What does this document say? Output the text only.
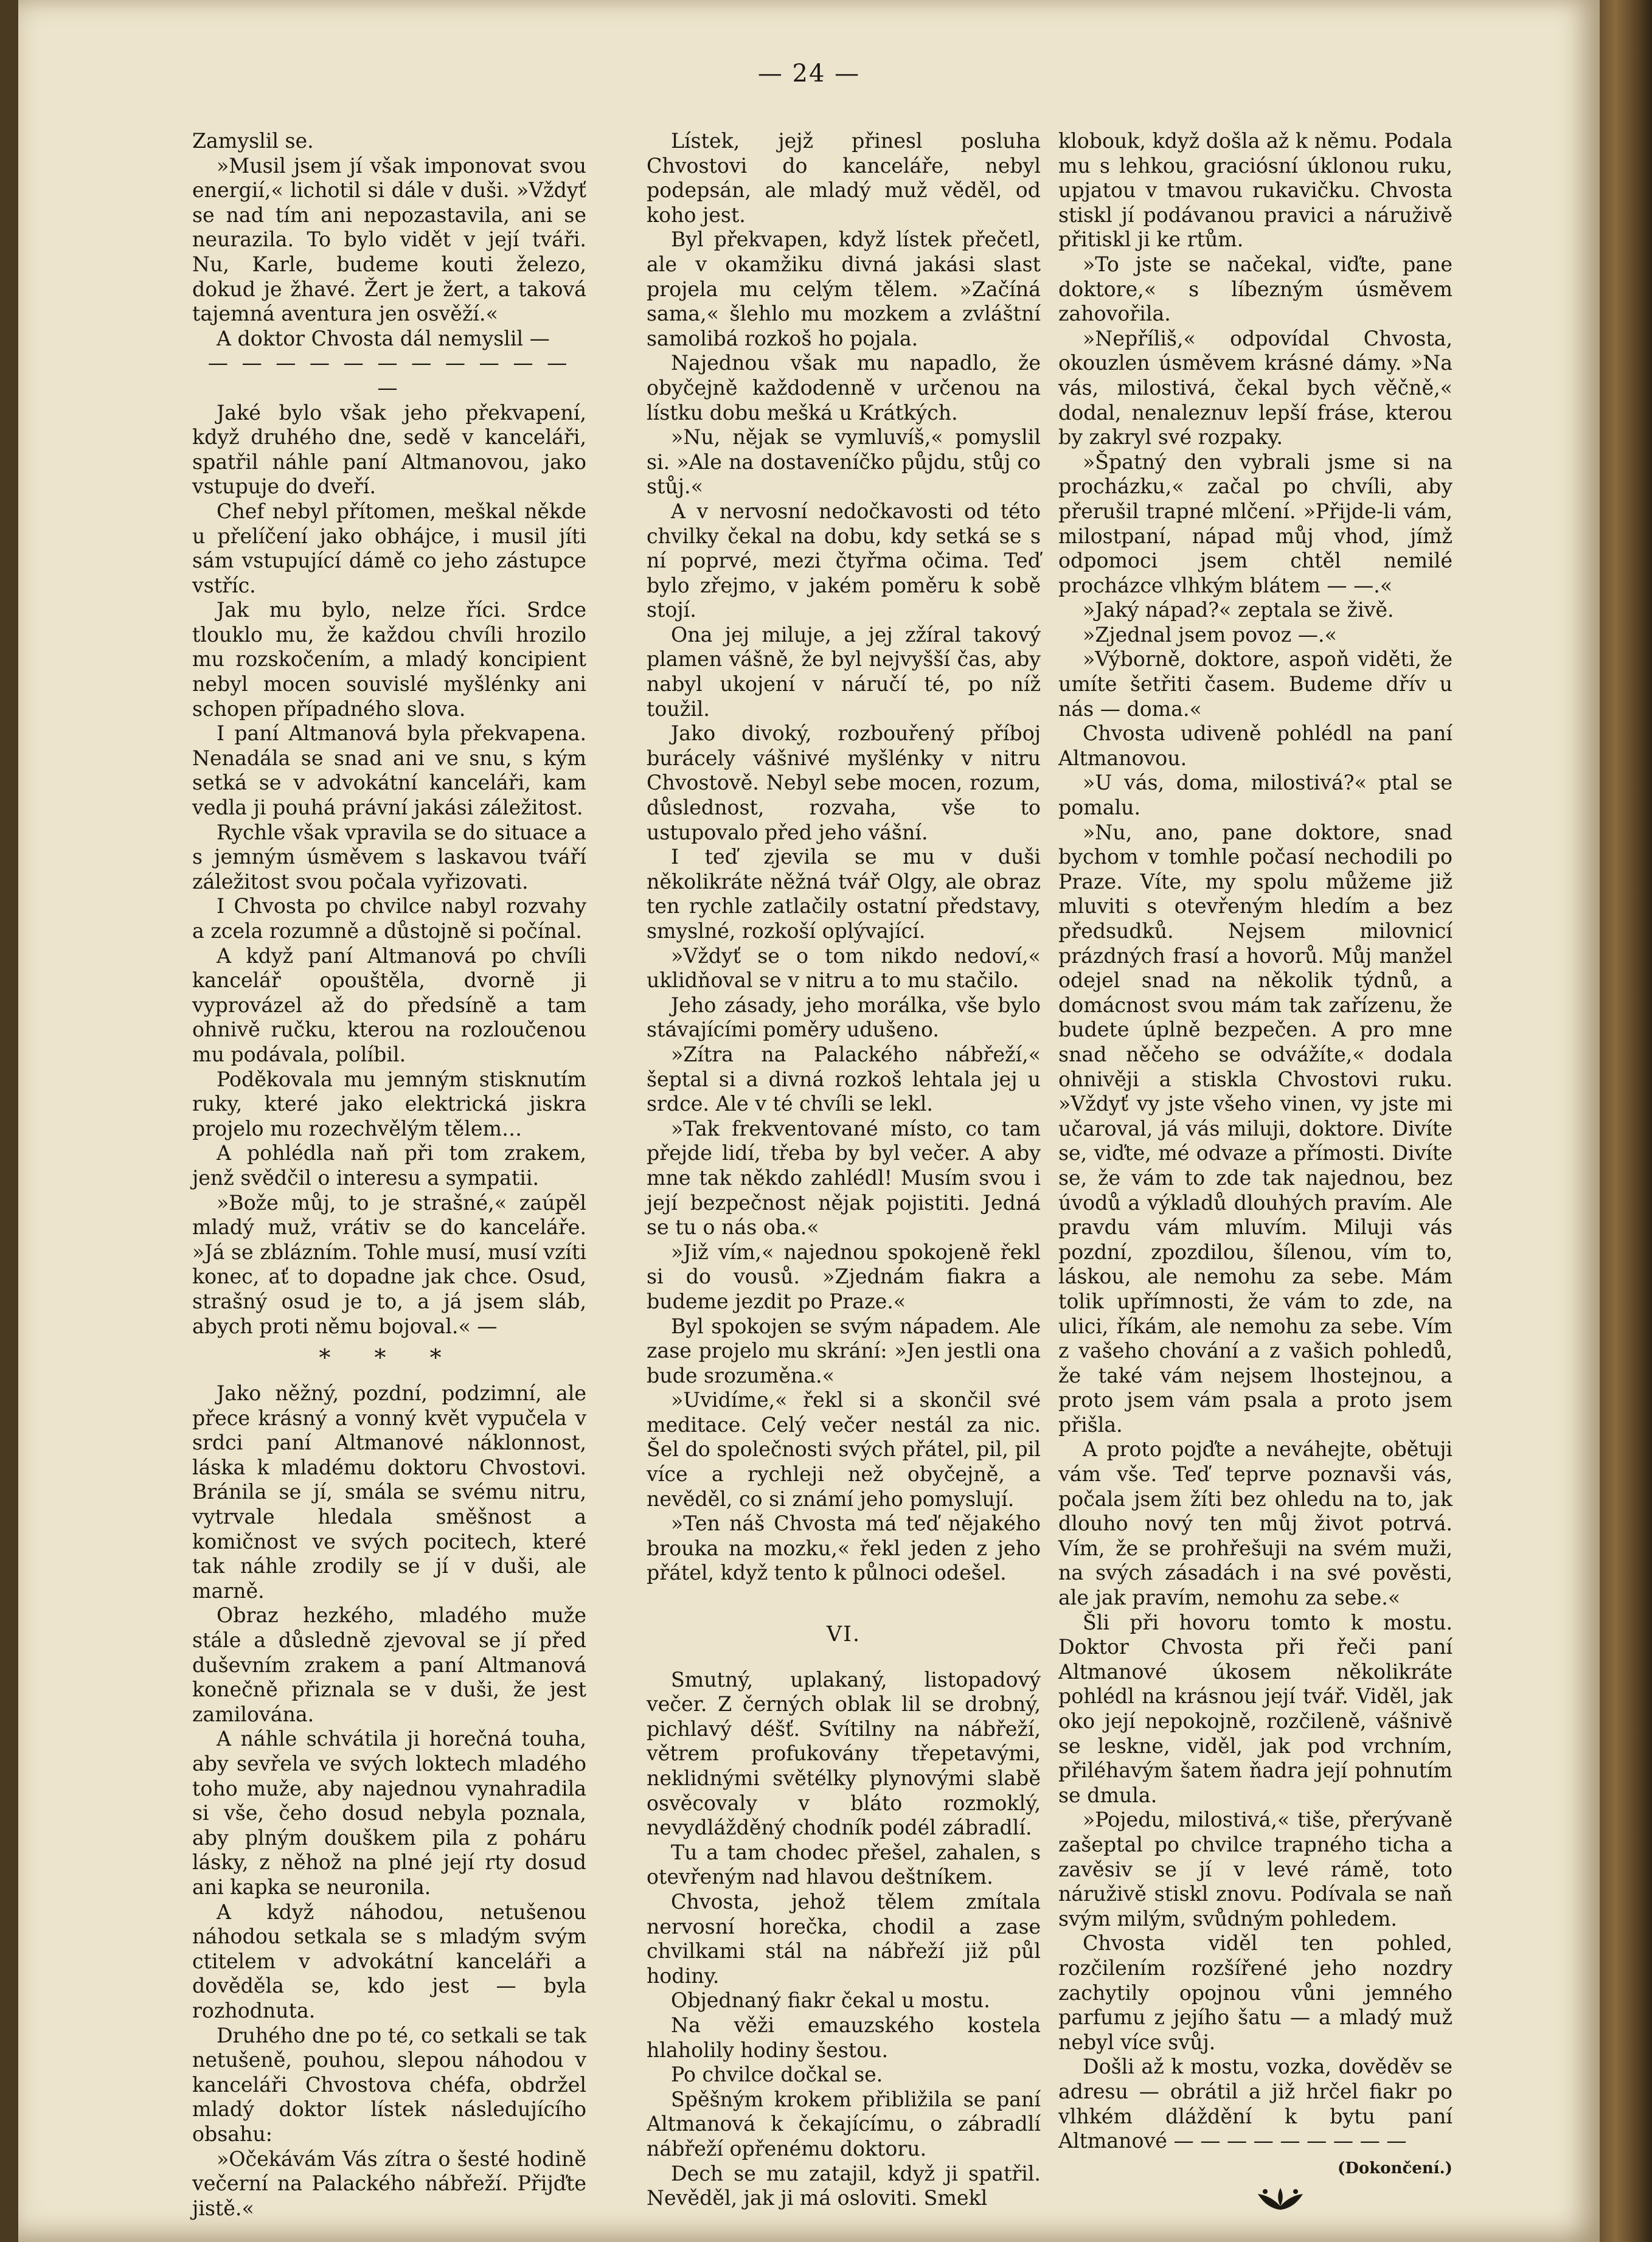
— 24 —

Zamyslil se.

»Musil jsem jí však imponovat svou energií,« lichotil si dále v duši. »Vždyť se nad tím ani nepozastavila, ani se neurazila. To bylo vidět v její tváři. Nu, Karle, budeme kouti železo, dokud je žhavé. Žert je žert, a taková tajemná aventura jen osvěží.«

A doktor Chvosta dál nemyslil —

— — — — — — — — — — — —

Jaké bylo však jeho překvapení, když druhého dne, sedě v kanceláři, spatřil náhle paní Altmanovou, jako vstupuje do dveří.

Chef nebyl přítomen, meškal někde u přelíčení jako obhájce, i musil jíti sám vstupující dámě co jeho zástupce vstříc.

Jak mu bylo, nelze říci. Srdce tlouklo mu, že každou chvíli hrozilo mu rozskočením, a mladý koncipient nebyl mocen souvislé myšlénky ani schopen případného slova.

I paní Altmanová byla překvapena. Nenadála se snad ani ve snu, s kým setká se v advokátní kanceláři, kam vedla ji pouhá právní jakási záležitost.

Rychle však vpravila se do situace a s jemným úsměvem s laskavou tváří záležitost svou počala vyřizovati.

I Chvosta po chvilce nabyl rozvahy a zcela rozumně a důstojně si počínal.

A když paní Altmanová po chvíli kancelář opouštěla, dvorně ji vyprovázel až do předsíně a tam ohnivě ručku, kterou na rozloučenou mu podávala, políbil.

Poděkovala mu jemným stisknutím ruky, které jako elektrická jiskra projelo mu rozechvělým tělem…

A pohlédla naň při tom zrakem, jenž svědčil o interesu a sympatii.

»Bože můj, to je strašné,« zaúpěl mladý muž, vrátiv se do kanceláře. »Já se zblázním. Tohle musí, musí vzíti konec, ať to dopadne jak chce. Osud, strašný osud je to, a já jsem sláb, abych proti němu bojoval.« —

* * *

Jako něžný, pozdní, podzimní, ale přece krásný a vonný květ vypučela v srdci paní Altmanové náklonnost, láska k mladému doktoru Chvostovi. Bránila se jí, smála se svému nitru, vytrvale hledala směšnost a komičnost ve svých pocitech, které tak náhle zrodily se jí v duši, ale marně.

Obraz hezkého, mladého muže stále a důsledně zjevoval se jí před duševním zrakem a paní Altmanová konečně přiznala se v duši, že jest zamilována.

A náhle schvátila ji horečná touha, aby sevřela ve svých loktech mladého toho muže, aby najednou vynahradila si vše, čeho dosud nebyla poznala, aby plným douškem pila z poháru lásky, z něhož na plné její rty dosud ani kapka se neuronila.

A když náhodou, netušenou náhodou setkala se s mladým svým ctitelem v advokátní kanceláři a dověděla se, kdo jest — byla rozhodnuta.

Druhého dne po té, co setkali se tak netušeně, pouhou, slepou náhodou v kanceláři Chvostova chéfa, obdržel mladý doktor lístek následujícího obsahu:

»Očekávám Vás zítra o šesté hodině večerní na Palackého nábřeží. Přijďte jistě.«

Lístek, jejž přinesl posluha Chvostovi do kanceláře, nebyl podepsán, ale mladý muž věděl, od koho jest.

Byl překvapen, když lístek přečetl, ale v okamžiku divná jakási slast projela mu celým tělem. »Začíná sama,« šlehlo mu mozkem a zvláštní samolibá rozkoš ho pojala.

Najednou však mu napadlo, že obyčejně každodenně v určenou na lístku dobu mešká u Krátkých.

»Nu, nějak se vymluvíš,« pomyslil si. »Ale na dostaveníčko půjdu, stůj co stůj.«

A v nervosní nedočkavosti od této chvilky čekal na dobu, kdy setká se s ní poprvé, mezi čtyřma očima. Teď bylo zřejmo, v jakém poměru k sobě stojí.

Ona jej miluje, a jej zžíral takový plamen vášně, že byl nejvyšší čas, aby nabyl ukojení v náručí té, po níž toužil.

Jako divoký, rozbouřený příboj burácely vášnivé myšlénky v nitru Chvostově. Nebyl sebe mocen, rozum, důslednost, rozvaha, vše to ustupovalo před jeho vášní.

I teď zjevila se mu v duši několikráte něžná tvář Olgy, ale obraz ten rychle zatlačily ostatní představy, smyslné, rozkoší oplývající.

»Vždyť se o tom nikdo nedoví,« uklidňoval se v nitru a to mu stačilo.

Jeho zásady, jeho morálka, vše bylo stávajícími poměry udušeno.

»Zítra na Palackého nábřeží,« šeptal si a divná rozkoš lehtala jej u srdce. Ale v té chvíli se lekl.

»Tak frekventované místo, co tam přejde lidí, třeba by byl večer. A aby mne tak někdo zahlédl! Musím svou i její bezpečnost nějak pojistiti. Jedná se tu o nás oba.«

»Již vím,« najednou spokojeně řekl si do vousů. »Zjednám fiakra a budeme jezdit po Praze.«

Byl spokojen se svým nápadem. Ale zase projelo mu skrání: »Jen jestli ona bude srozuměna.«

»Uvidíme,« řekl si a skončil své meditace. Celý večer nestál za nic. Šel do společnosti svých přátel, pil, pil více a rychleji než obyčejně, a nevěděl, co si známí jeho pomyslují.

»Ten náš Chvosta má teď nějakého brouka na mozku,« řekl jeden z jeho přátel, když tento k půlnoci odešel.

VI.

Smutný, uplakaný, listopadový večer. Z černých oblak lil se drobný, pichlavý déšť. Svítilny na nábřeží, větrem profukovány třepetavými, neklidnými světélky plynovými slabě osvěcovaly v bláto rozmoklý, nevydlážděný chodník podél zábradlí.

Tu a tam chodec přešel, zahalen, s otevřeným nad hlavou deštníkem.

Chvosta, jehož tělem zmítala nervosní horečka, chodil a zase chvilkami stál na nábřeží již půl hodiny.

Objednaný fiakr čekal u mostu.

Na věži emauzského kostela hlaholily hodiny šestou.

Po chvilce dočkal se.

Spěšným krokem přibližila se paní Altmanová k čekajícímu, o zábradlí nábřeží opřenému doktoru.

Dech se mu zatajil, když ji spatřil. Nevěděl, jak ji má osloviti. Smekl

klobouk, když došla až k němu. Podala mu s lehkou, graciósní úklonou ruku, upjatou v tmavou rukavičku. Chvosta stiskl jí podávanou pravici a náruživě přitiskl ji ke rtům.

»To jste se načekal, viďte, pane doktore,« s líbezným úsměvem zahovořila.

»Nepříliš,« odpovídal Chvosta, okouzlen úsměvem krásné dámy. »Na vás, milostivá, čekal bych věčně,« dodal, nenaleznuv lepší fráse, kterou by zakryl své rozpaky.

»Špatný den vybrali jsme si na procházku,« začal po chvíli, aby přerušil trapné mlčení. »Přijde-li vám, milostpaní, nápad můj vhod, jímž odpomoci jsem chtěl nemilé procházce vlhkým blátem — —.«

»Jaký nápad?« zeptala se živě.

»Zjednal jsem povoz —.«

»Výborně, doktore, aspoň viděti, že umíte šetřiti časem. Budeme dřív u nás — doma.«

Chvosta udiveně pohlédl na paní Altmanovou.

»U vás, doma, milostivá?« ptal se pomalu.

»Nu, ano, pane doktore, snad bychom v tomhle počasí nechodili po Praze. Víte, my spolu můžeme již mluviti s otevřeným hledím a bez předsudků. Nejsem milovnicí prázdných frasí a hovorů. Můj manžel odejel snad na několik týdnů, a domácnost svou mám tak zařízenu, že budete úplně bezpečen. A pro mne snad něčeho se odvážíte,« dodala ohnivěji a stiskla Chvostovi ruku. »Vždyť vy jste všeho vinen, vy jste mi učaroval, já vás miluji, doktore. Divíte se, viďte, mé odvaze a přímosti. Divíte se, že vám to zde tak najednou, bez úvodů a výkladů dlouhých pravím. Ale pravdu vám mluvím. Miluji vás pozdní, zpozdilou, šílenou, vím to, láskou, ale nemohu za sebe. Mám tolik upřímnosti, že vám to zde, na ulici, říkám, ale nemohu za sebe. Vím z vašeho chování a z vašich pohledů, že také vám nejsem lhostejnou, a proto jsem vám psala a proto jsem přišla.

A proto pojďte a neváhejte, obětuji vám vše. Teď teprve poznavši vás, počala jsem žíti bez ohledu na to, jak dlouho nový ten můj život potrvá. Vím, že se prohřešuji na svém muži, na svých zásadách i na své pověsti, ale jak pravím, nemohu za sebe.«

Šli při hovoru tomto k mostu. Doktor Chvosta při řeči paní Altmanové úkosem několikráte pohlédl na krásnou její tvář. Viděl, jak oko její nepokojně, rozčileně, vášnivě se leskne, viděl, jak pod vrchním, přiléhavým šatem ňadra její pohnutím se dmula.

»Pojedu, milostivá,« tiše, přerývaně zašeptal po chvilce trapného ticha a zavěsiv se jí v levé rámě, toto náruživě stiskl znovu. Podívala se naň svým milým, svůdným pohledem.

Chvosta viděl ten pohled, rozčilením rozšířené jeho nozdry zachytily opojnou vůni jemného parfumu z jejího šatu — a mladý muž nebyl více svůj.

Došli až k mostu, vozka, dověděv se adresu — obrátil a již hrčel fiakr po vlhkém dláždění k bytu paní Altmanové — — — — — — — — —

(Dokončení.)
